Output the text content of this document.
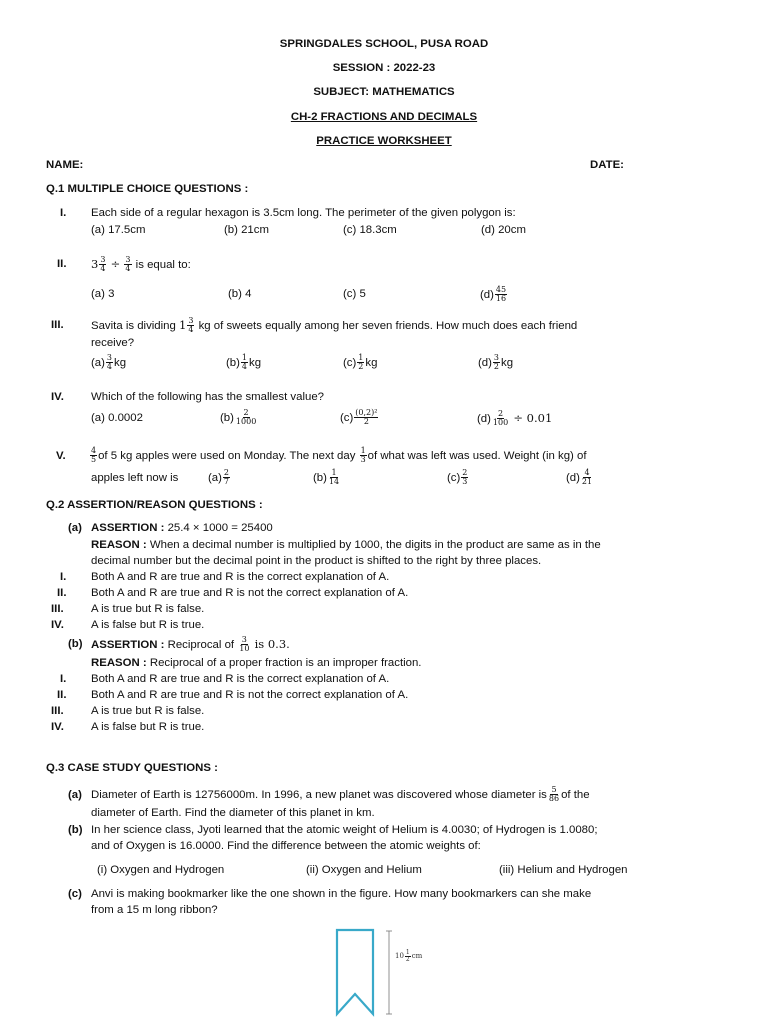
SPRINGDALES SCHOOL, PUSA ROAD
SESSION : 2022-23
SUBJECT: MATHEMATICS
CH-2 FRACTIONS AND DECIMALS
PRACTICE WORKSHEET
NAME:	DATE:
Q.1 MULTIPLE CHOICE QUESTIONS :
I. Each side of a regular hexagon is 3.5cm long. The perimeter of the given polygon is:
(a) 17.5cm	(b) 21cm	(c) 18.3cm	(d) 20cm
II. $3 \frac{3}{4} \div \frac{3}{4}$ is equal to:
(a) 3	(b) 4	(c) 5	$(d) \frac{45}{16}$
III. Savita is dividing $1 \frac{3}{4}$ kg of sweets equally among her seven friends. How much does each friend
receive?
$(a) \frac{3}{4}$ kg	$(b) \frac{1}{4}$ kg	$(c) \frac{1}{2}$ kg	$(d) \frac{3}{2}$ kg
IV. Which of the following has the smallest value?
(a) 0.0002	$(b) \frac{2}{1000}$	$(c) \frac{\text{(0,2)²}}{2}$	$(d) \frac{2}{100} \div 0.01$
V.	$\frac{4}{5}$ of 5 kg apples were used on Monday. The next day $\frac{1}{3}$ of what was left was used. Weight (in kg) of
apples left now is	$(a) \frac{2}{7}$	$(b) \frac{1}{14}$	$(c) \frac{2}{3}$	$(d) \frac{4}{21}$
Q.2 ASSERTION/REASON QUESTIONS :
(a) ASSERTION : 25.4 × 1000 = 25400
REASON : When a decimal number is multiplied by 1000, the digits in the product are same as in the
decimal number but the decimal point in the product is shifted to the right by three places.
I. Both A and R are true and R is the correct explanation of A.
II. Both A and R are true and R is not the correct explanation of A.
III. A is true but R is false.
IV. A is false but R is true.
(b) ASSERTION : Reciprocal of $\frac{3}{10}$ is 0.3.
REASON : Reciprocal of a proper fraction is an improper fraction.
I. Both A and R are true and R is the correct explanation of A.
II. Both A and R are true and R is not the correct explanation of A.
III. A is true but R is false.
IV. A is false but R is true.
Q.3 CASE STUDY QUESTIONS :
(a) Diameter of Earth is 12756000m. In 1996, a new planet was discovered whose diameter is $\frac{5}{86}$ of the
diameter of Earth. Find the diameter of this planet in km.
(b) In her science class, Jyoti learned that the atomic weight of Helium is 4.0030; of Hydrogen is 1.0080;
and of Oxygen is 16.0000. Find the difference between the atomic weights of:
(i) Oxygen and Hydrogen	(ii) Oxygen and Helium	(iii) Helium and Hydrogen
(c) Anvi is making bookmarker like the one shown in the figure. How many bookmarkers can she make
from a 15 m long ribbon?
$10 \frac{1}{2}$ cm
